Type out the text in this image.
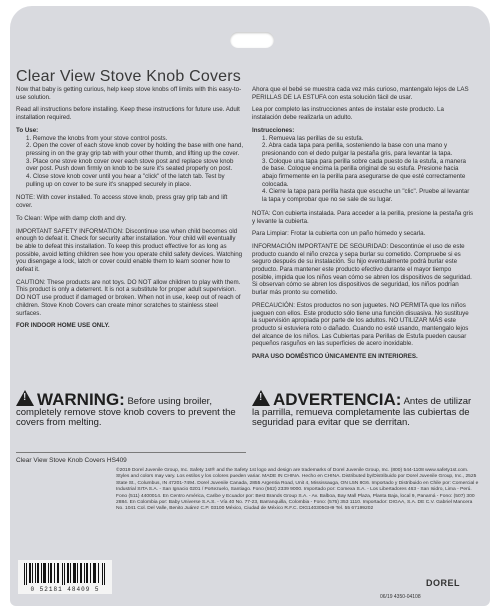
Clear View Stove Knob Covers

Now that baby is getting curious, help keep stove knobs off limits with this easy-to-use solution.

Read all instructions before installing. Keep these instructions for future use. Adult installation required.

To Use:

1. Remove the knobs from your stove control posts.
2. Open the cover of each stove knob cover by holding the base with one hand, pressing in on the gray grip tab with your other thumb, and lifting up the cover.
3. Place one stove knob cover over each stove post and replace stove knob over post. Push down firmly on knob to be sure it's seated properly on post.
4. Close stove knob cover until you hear a "click" of the latch tab. Test by pulling up on cover to be sure it's snapped securely in place.

NOTE: With cover installed. To access stove knob, press gray grip tab and lift cover.

To Clean: Wipe with damp cloth and dry.

IMPORTANT SAFETY INFORMATION: Discontinue use when child becomes old enough to defeat it. Check for security after installation. Your child will eventually be able to defeat this installation. To keep this product effective for as long as possible, avoid letting children see how you operate child safety devices. Watching you disengage a lock, latch or cover could enable them to learn sooner how to defeat it.

CAUTION: These products are not toys. DO NOT allow children to play with them. This product is only a deterrent. It is not a substitute for proper adult supervision. DO NOT use product if damaged or broken. When not in use, keep out of reach of children. Stove Knob Covers can create minor scratches to stainless steel surfaces.

FOR INDOOR HOME USE ONLY.

Ahora que el bebé se muestra cada vez más curioso, mantengalo lejos de LAS PERILLAS DE LA ESTUFA con esta solución fácil de usar.

Lea por completo las instrucciones antes de instalar este producto. La instalación debe realizarla un adulto.

Instrucciones:

1. Remueva las perillas de su estufa.
2. Abra cada tapa para perilla, sosteniendo la base con una mano y presionando con el dedo pulgar la pestaña gris, para levantar la tapa.
3. Coloque una tapa para perilla sobre cada puesto de la estufa, a manera de base. Coloque encima la perilla original de su estufa. Presione hacia abajo firmemente en la perilla para asegurarse de que esté correctamente colocada.
4. Cierre la tapa para perilla hasta que escuche un "clic". Pruebe al levantar la tapa y comprobar que no se sale de su lugar.

NOTA: Con cubierta instalada. Para acceder a la perilla, presione la pestaña gris y levante la cubierta.

Para Limpiar: Frotar la cubierta con un paño húmedo y secarla.

INFORMACIÓN IMPORTANTE DE SEGURIDAD: Descontinúe el uso de este producto cuando el niño crezca y sepa burlar su cometido. Compruebe si es seguro después de su instalación. Su hijo eventualmente podrá burlar este producto. Para mantener este producto efectivo durante el mayor tiempo posible, impida que los niños vean cómo se abren los dispositivos de seguridad. Si observan cómo se abren los dispositivos de seguridad, los niños podrían burlar más pronto su cometido.

PRECAUCIÓN: Estos productos no son juguetes. NO PERMITA que los niños jueguen con ellos. Este producto sólo tiene una función disuasiva. No sustituye la supervisión apropiada por parte de los adultos. NO UTILIZAR MÁS este producto si estuviera roto o dañado. Cuando no esté usando, mantengalo lejos del alcance de los niños. Las Cubiertas para Perillas de Estufa pueden causar pequeños rasguños en las superficies de acero inoxidable.

PARA USO DOMÉSTICO ÚNICAMENTE EN INTERIORES.

!WARNING: Before using broiler, completely remove stove knob covers to prevent the covers from melting.
!ADVERTENCIA: Antes de utilizar la parrilla, remueva completamente las cubiertas de seguridad para evitar que se derritan.
Clear View Stove Knob Covers HS409
©2019 Dorel Juvenile Group, Inc. Safety 1st® and the Safety 1st logo and design are trademarks of Dorel Juvenile Group, Inc. (800) 544-1108 www.safety1st.com. Styles and colors may vary. Los estilos y los colores pueden variar. MADE IN CHINA. Hecho en CHINA. Distributed by/Distribuido por Dorel Juvenile Group, Inc., 2525 State St., Columbus, IN 47201-7494. Dorel Juvenile Canada, 2855 Argentia Road, Unit 4, Mississauga, ON L5N 8G6. Importado y Distribuido en Chile por: Comercial e Industrial SITA S.A. - San Ignacio 0201 / Portezuelo, Santiago. Fono (562) 2339 9000. Importado por: Comexa S.A. - Los Libertadores 463 - San Isidro, Lima - Perú. Fono (511) 4400014. En Centro América, Caribe y Ecuador por: Best Brands Group S.A. - Av. Balboa, Bay Mall Plaza, Planta Baja, local 9, Panamá - Fono: (507) 300 2884. En Colombia por: Baby Universe S.A.S. - Vía 40 No. 77-23, Barranquilla, Colombia - Fono: (575) 353 1110. Importador: DIGAA, S.A. DE C.V. Gabriel Mancera No. 1041 Col. Del Valle, Benito Juárez C.P. 03100 México, Ciudad de México R.F.C. DIG140305GH9 Tel. 55 67199202
0 52181 48409 5
DOREL
06/19 4350-04108
